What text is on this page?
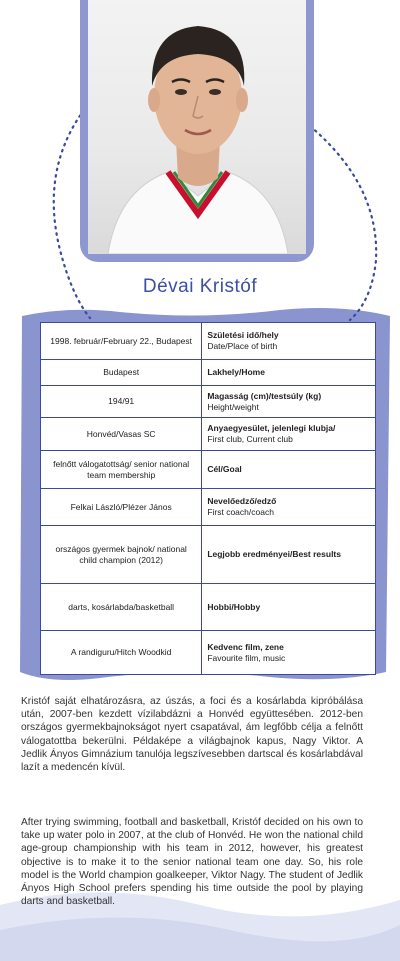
Dévai Kristóf
1998. február/February 22., Budapest	Születési idő/hely
Date/Place of birth
Budapest	Lakhely/Home
194/91	Magasság (cm)/testsúly (kg)
Height/weight
Honvéd/Vasas SC	Anyaegyesület, jelenlegi klubja/
First club, Current club
felnőtt válogatottság/ senior national team membership	Cél/Goal
Felkai László/Plézer János	Nevelőedző/edző
First coach/coach
országos gyermek bajnok/ national child champion (2012)	Legjobb eredményei/Best results
darts, kosárlabda/basketball	Hobbi/Hobby
A randiguru/Hitch Woodkid	Kedvenc film, zene
Favourite film, music
Kristóf saját elhatározásra, az úszás, a foci és a kosárlabda kipróbálása után, 2007-ben kezdett vízilabdázni a Honvéd együttesében. 2012-ben országos gyermekbajnokságot nyert csapatával, ám legfőbb célja a felnőtt válogatottba bekerülni. Példaképe a világbajnok kapus, Nagy Viktor. A Jedlik Ányos Gimnázium tanulója legszívesebben dartscal és kosárlabdával lazít a medencén kívül.
After trying swimming, football and basketball, Kristóf decided on his own to take up water polo in 2007, at the club of Honvéd. He won the national child age-group championship with his team in 2012, however, his greatest objective is to make it to the senior national team one day. So, his role model is the World champion goalkeeper, Viktor Nagy. The student of Jedlik Ányos High School prefers spending his time outside the pool by playing darts and basketball.
